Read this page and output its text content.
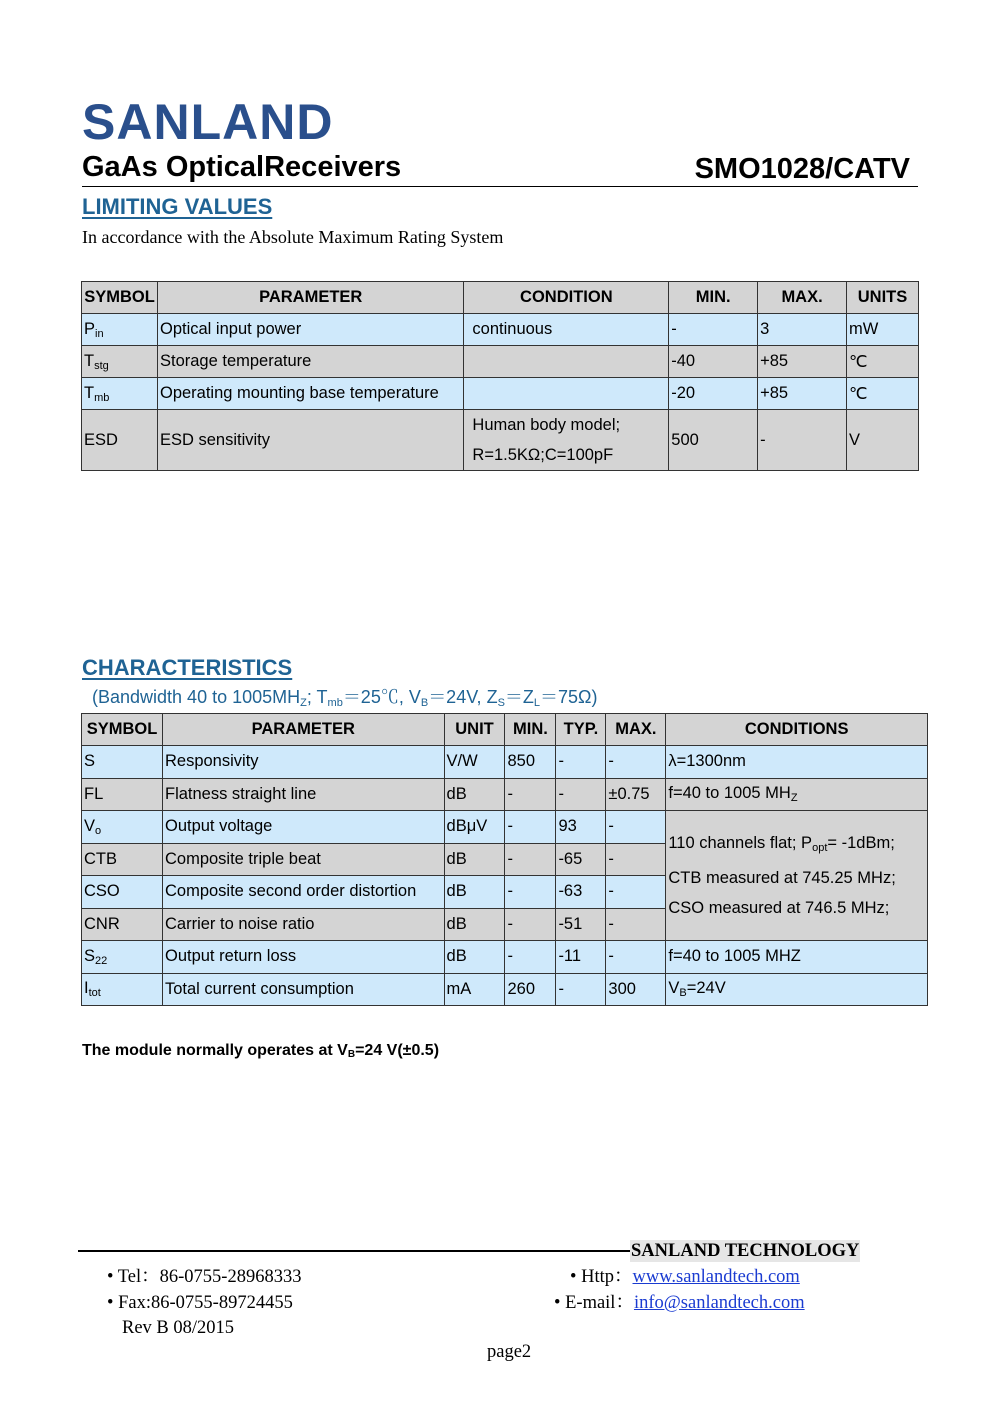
SANLAND
GaAs OpticalReceivers	SMO1028/CATV
LIMITING VALUES
In accordance with the Absolute Maximum Rating System
SYMBOL	PARAMETER	CONDITION	MIN.	MAX.	UNITS
$P_{in}$	Optical input power	continuous	-	3	mW
$T_{stg}$	Storage temperature		-40	+85	℃
$T_{mb}$	Operating mounting base temperature		-20	+85	℃
ESD	ESD sensitivity	Human body model;
R=1.5KΩ;C=100pF	500	-	V
CHARACTERISTICS
(Bandwidth 40 to $1005MH_Z$; $T_{mb}=25℃$, $V_B=24V$, $Z_S=Z_L=75\Omega$)
SYMBOL	PARAMETER	UNIT	MIN.	TYP.	MAX.	CONDITIONS
S	Responsivity	V/W	850	-	-	λ=1300nm
FL	Flatness straight line	dB	-	-	±0.75	f=40 to 1005 $MH_Z$
$V_o$	Output voltage	dBμV	-	93	-	110 channels flat; $P_{opt}= -1dBm$;
CTB measured at 745.25 MHz;
CSO measured at 746.5 MHz;

CTB	Composite triple beat	dB	-	-65	-	
CSO	Composite second order distortion	dB	-	-63	-	
CNR	Carrier to noise ratio	dB	-	-51	-	
$S_{22}$	Output return loss	dB	-	-11	-	f=40 to 1005 MHZ
$I_{tot}$	Total current consumption	mA	260	-	300	$V_B=24V$
The module normally operates at $V_B=24$ V(±0.5)
SANLAND TECHNOLOGY
• Tel：86-0755-28968333
• Fax:86-0755-89724455
Rev B 08/2015
• Http：www.sanlandtech.com
• E-mail：info@sanlandtech.com
page2
